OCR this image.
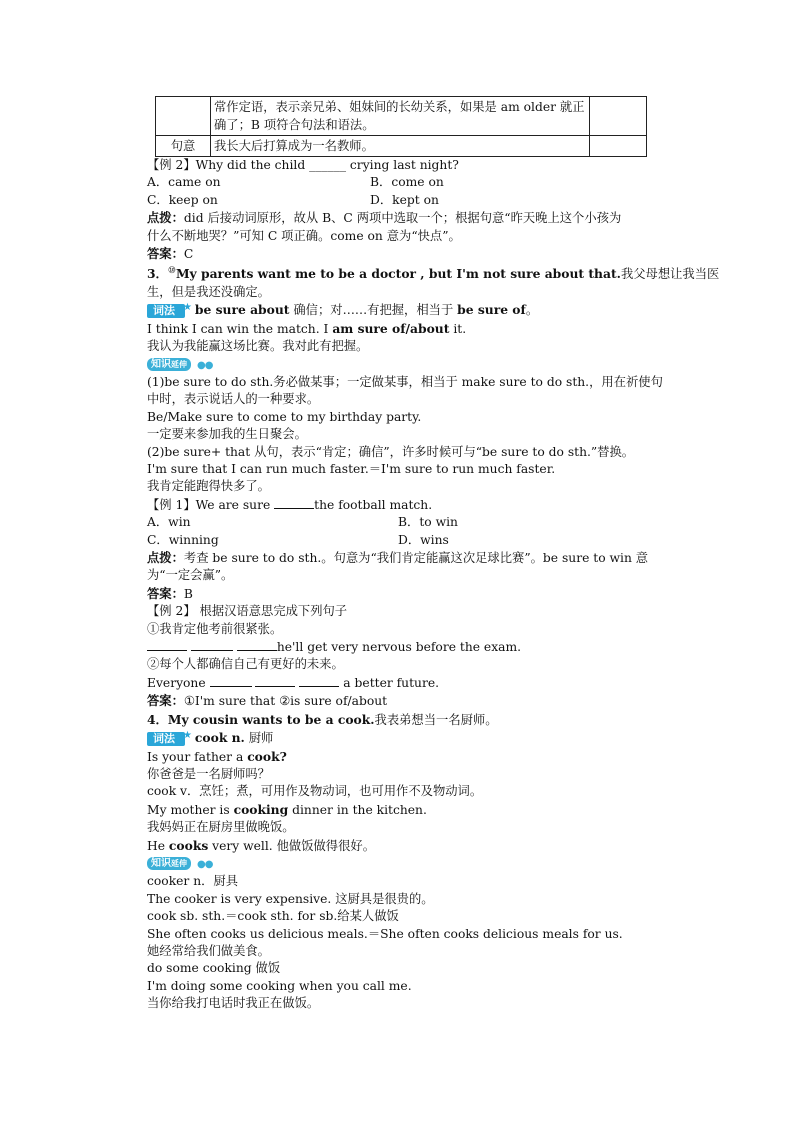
	常作定语，表示亲兄弟、姐妹间的长幼关系，如果是 am older 就正确了；B 项符合句法和语法。	
句意	我长大后打算成为一名教师。	
【例 2】Why did the child ______ crying last night?
A．came on	B．come on
C．keep on	D．kept on
点拨：did 后接动词原形，故从 B、C 两项中选取一个；根据句意“昨天晚上这个小孩为
什么不断地哭？”可知 C 项正确。come on 意为“快点”。
答案：C
3．⑩My parents want me to be a doctor , but I'm not sure about that.我父母想让我当医
生，但是我还没确定。
词法 ★ be sure about 确信；对……有把握，相当于 be sure of。
I think I can win the match. I am sure of/about it.
我认为我能赢这场比赛。我对此有把握。
知识延伸 ●●
(1)be sure to do sth.务必做某事；一定做某事，相当于 make sure to do sth.，用在祈使句
中时，表示说话人的一种要求。
Be/Make sure to come to my birthday party.
一定要来参加我的生日聚会。
(2)be sure+ that 从句，表示“肯定；确信”，许多时候可与“be sure to do sth.”替换。
I'm sure that I can run much faster.＝I'm sure to run much faster.
我肯定能跑得快多了。
【例 1】We are sure	the football match.
A．win	B．to win
C．winning	D．wins
点拨：考查 be sure to do sth.。句意为“我们肯定能赢这次足球比赛”。be sure to win 意
为“一定会赢”。
答案：B
【例 2】 根据汉语意思完成下列句子
①我肯定他考前很紧张。
he'll get very nervous before the exam.
②每个人都确信自己有更好的未来。
Everyone	a better future.
答案：①I'm sure that ②is sure of/about
4．My cousin wants to be a cook.我表弟想当一名厨师。
词法 ★ cook n. 厨师
Is your father a cook?
你爸爸是一名厨师吗？
cook v．烹饪；煮，可用作及物动词，也可用作不及物动词。
My mother is cooking dinner in the kitchen.
我妈妈正在厨房里做晚饭。
He cooks very well. 他做饭做得很好。
知识延伸 ●●
cooker n．厨具
The cooker is very expensive. 这厨具是很贵的。
cook sb. sth.＝cook sth. for sb.给某人做饭
She often cooks us delicious meals.＝She often cooks delicious meals for us.
她经常给我们做美食。
do some cooking 做饭
I'm doing some cooking when you call me.
当你给我打电话时我正在做饭。
